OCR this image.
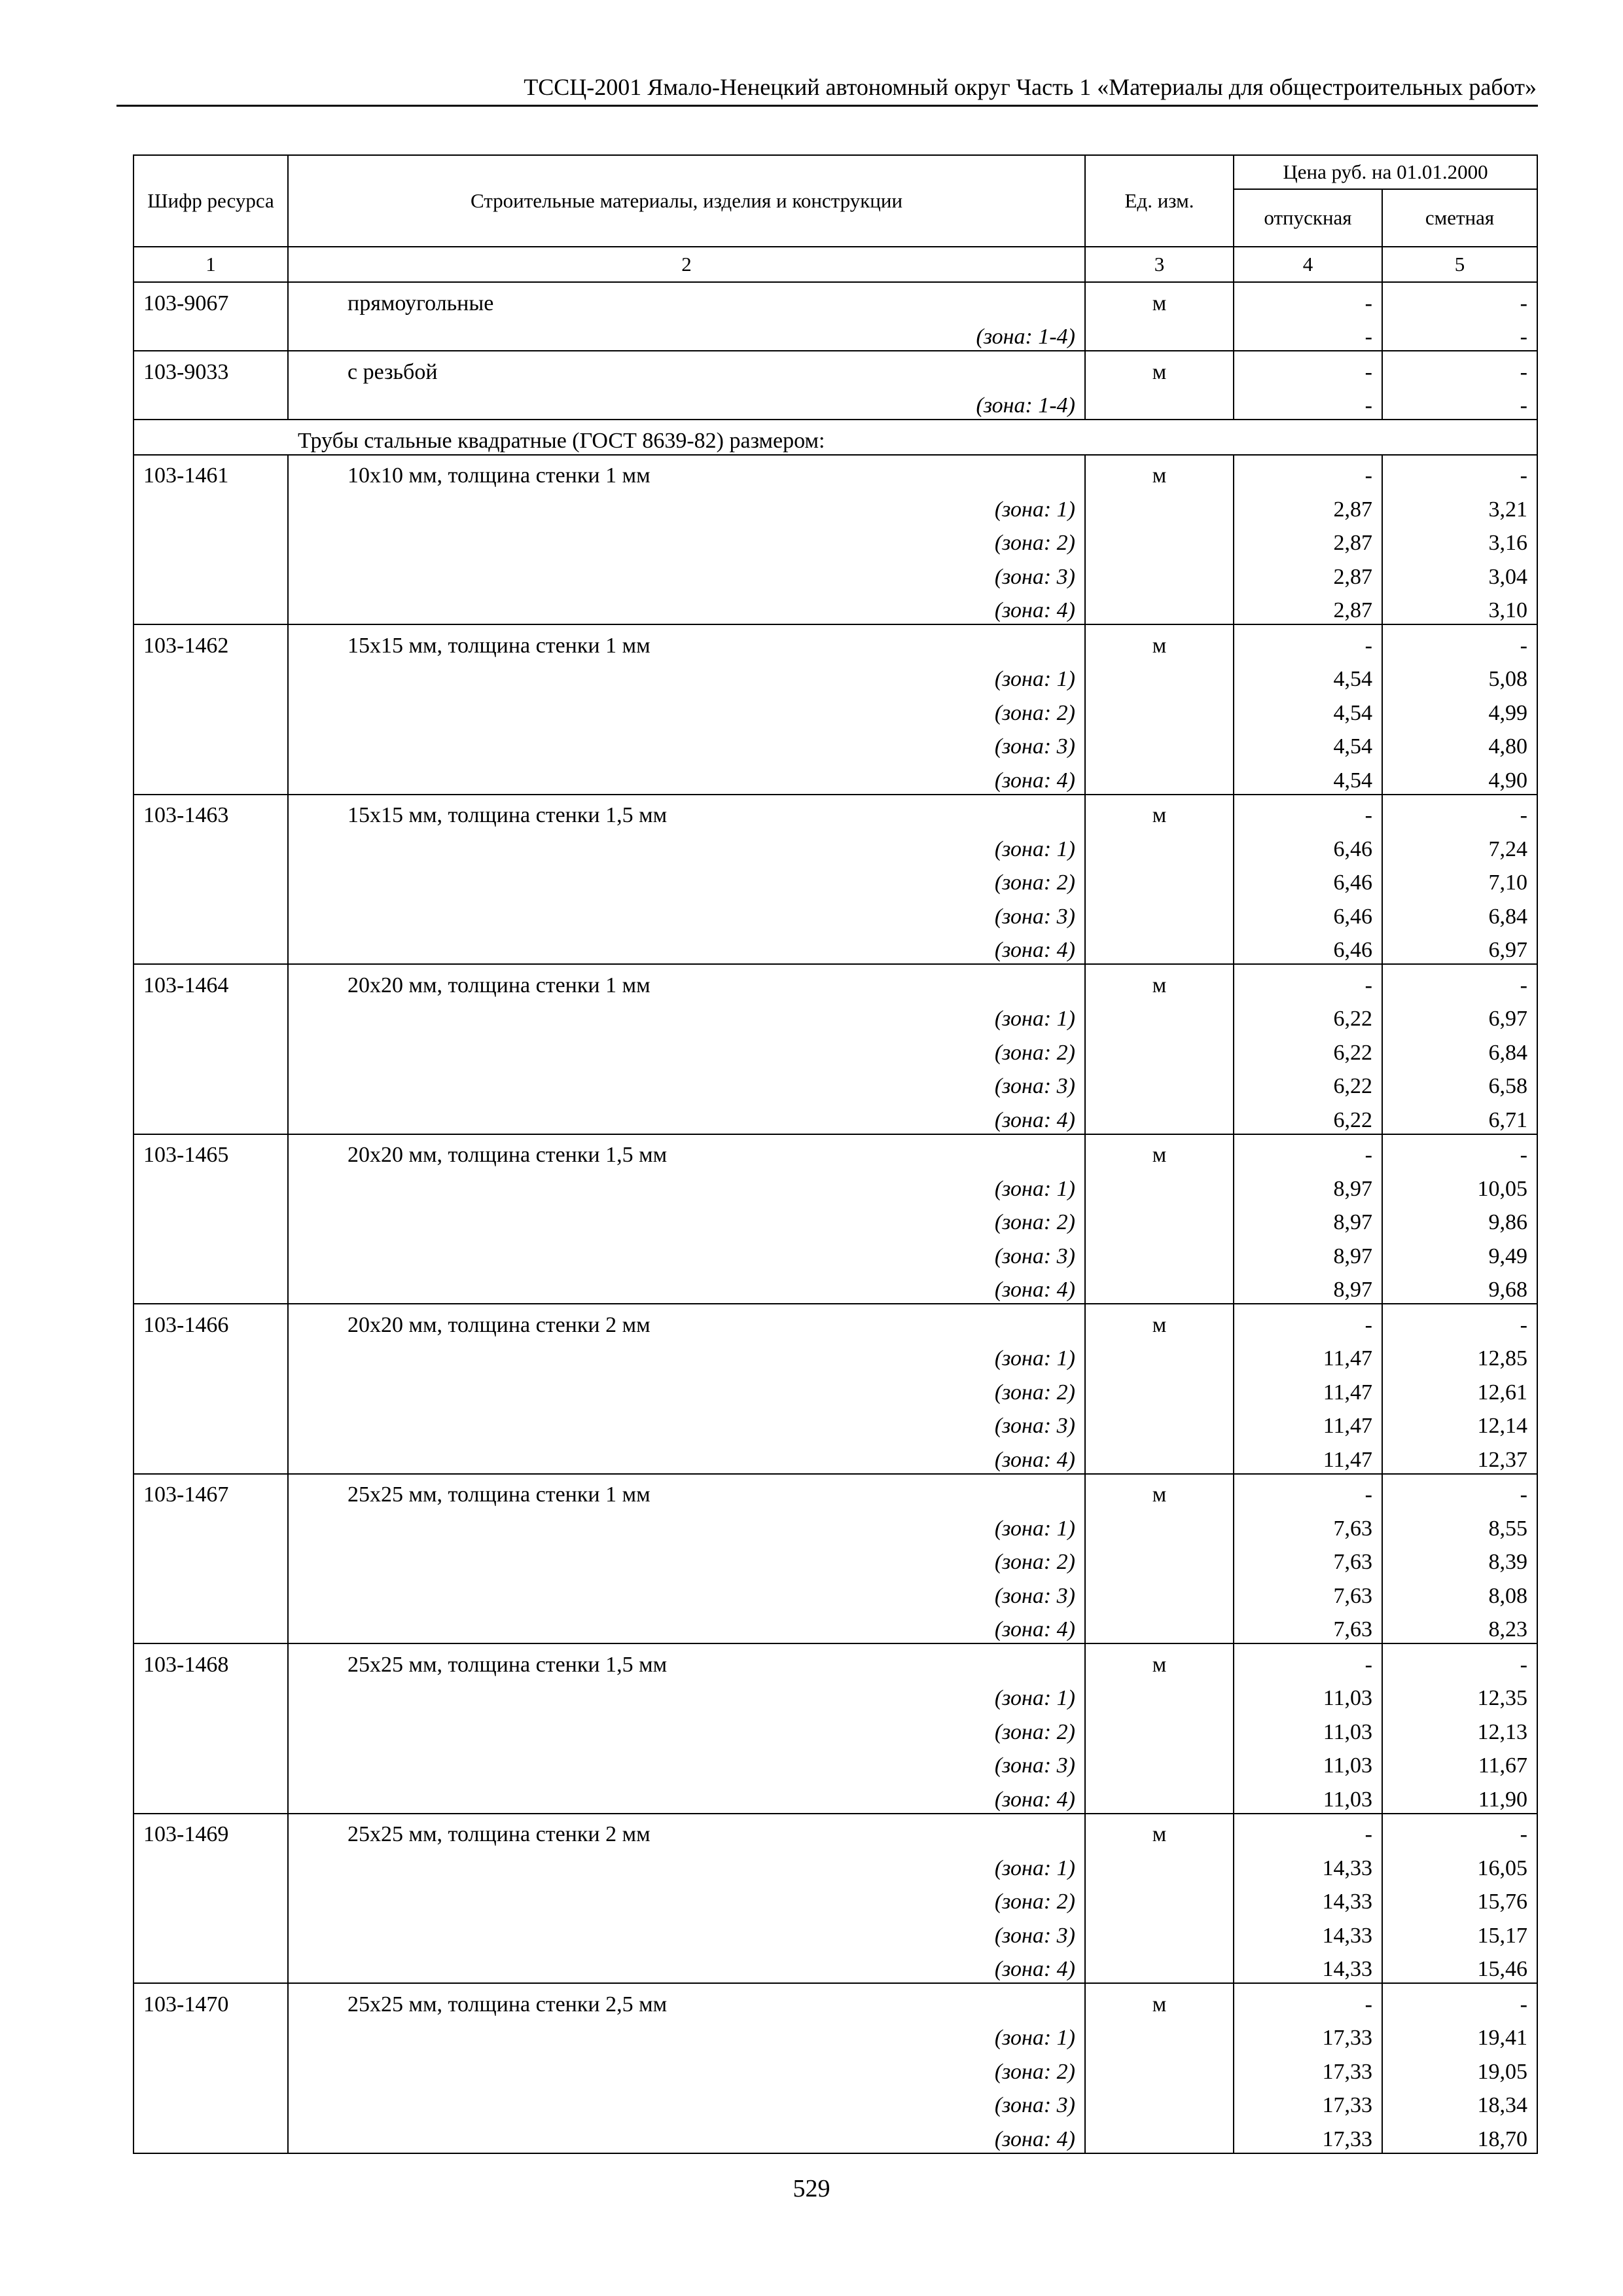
ТССЦ-2001 Ямало-Ненецкий автономный округ Часть 1 «Материалы для общестроительных работ»
Шифр ресурса	Строительные материалы, изделия и конструкции	Ед. изм.	Цена руб. на 01.01.2000	
			отпускная	сметная
1	2	3	4	5
103-9067	прямоугольные	м	-	-
	(зона: 1-4)		-	-
103-9033	с резьбой	м	-	-
	(зона: 1-4)		-	-
Трубы стальные квадратные (ГОСТ 8639-82) размером:				
103-1461	10х10 мм, толщина стенки 1 мм	м	-	-
	(зона: 1)		2,87	3,21
	(зона: 2)		2,87	3,16
	(зона: 3)		2,87	3,04
	(зона: 4)		2,87	3,10
103-1462	15х15 мм, толщина стенки 1 мм	м	-	-
	(зона: 1)		4,54	5,08
	(зона: 2)		4,54	4,99
	(зона: 3)		4,54	4,80
	(зона: 4)		4,54	4,90
103-1463	15х15 мм, толщина стенки 1,5 мм	м	-	-
	(зона: 1)		6,46	7,24
	(зона: 2)		6,46	7,10
	(зона: 3)		6,46	6,84
	(зона: 4)		6,46	6,97
103-1464	20х20 мм, толщина стенки 1 мм	м	-	-
	(зона: 1)		6,22	6,97
	(зона: 2)		6,22	6,84
	(зона: 3)		6,22	6,58
	(зона: 4)		6,22	6,71
103-1465	20х20 мм, толщина стенки 1,5 мм	м	-	-
	(зона: 1)		8,97	10,05
	(зона: 2)		8,97	9,86
	(зона: 3)		8,97	9,49
	(зона: 4)		8,97	9,68
103-1466	20х20 мм, толщина стенки 2 мм	м	-	-
	(зона: 1)		11,47	12,85
	(зона: 2)		11,47	12,61
	(зона: 3)		11,47	12,14
	(зона: 4)		11,47	12,37
103-1467	25х25 мм, толщина стенки 1 мм	м	-	-
	(зона: 1)		7,63	8,55
	(зона: 2)		7,63	8,39
	(зона: 3)		7,63	8,08
	(зона: 4)		7,63	8,23
103-1468	25х25 мм, толщина стенки 1,5 мм	м	-	-
	(зона: 1)		11,03	12,35
	(зона: 2)		11,03	12,13
	(зона: 3)		11,03	11,67
	(зона: 4)		11,03	11,90
103-1469	25х25 мм, толщина стенки 2 мм	м	-	-
	(зона: 1)		14,33	16,05
	(зона: 2)		14,33	15,76
	(зона: 3)		14,33	15,17
	(зона: 4)		14,33	15,46
103-1470	25х25 мм, толщина стенки 2,5 мм	м	-	-
	(зона: 1)		17,33	19,41
	(зона: 2)		17,33	19,05
	(зона: 3)		17,33	18,34
	(зона: 4)		17,33	18,70
529
